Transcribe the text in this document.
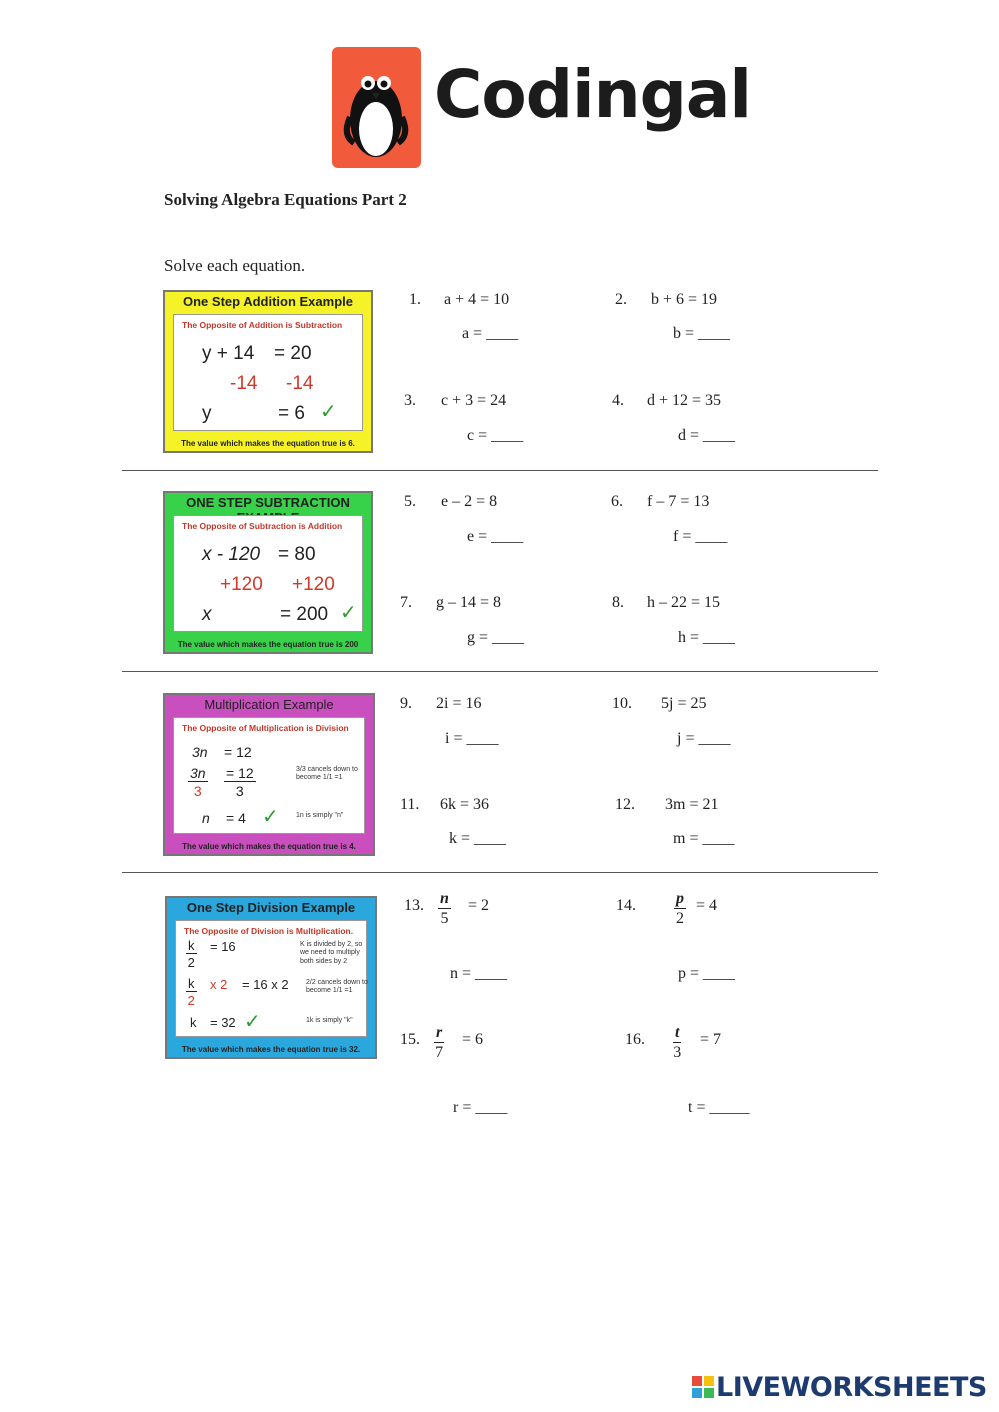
Codingal
Solving Algebra Equations Part 2
Solve each equation.
One Step Addition Example
The Opposite of Addition is Subtraction
y + 14 = 20
-14 -14
y	= 6 ✓
The value which makes the equation true is 6.
ONE STEP SUBTRACTION
The Opposite of Subtraction is Addition
x - 120 = 80
+120 +120
x	= 200 ✓
The value which makes the equation true is 200
Multiplication Example
The Opposite of Multiplication is Division
3n = 12
$\frac{3n}{3} \frac{= 12}{3}$	3/3 cancels down to become 1/1 =1
n = 4 ✓ 1n is simply "n"
The value which makes the equation true is 4.
One Step Division Example
The Opposite of Division is Multiplication.
$\frac{k}{2} = 16$	K is divided by 2, so we need to multiply both sides by 2
$\frac{k}{2}$ x 2 = 16 x 2 2/2 cancels down to become 1/1 =1
k = 32 ✓	1k is simply "k"
The value which makes the equation true is 32.
1. a + 4 = 10
a = ____
2. b + 6 = 19
b = ____
3. c + 3 = 24
c = ____
4. d + 12 = 35
d = ____
5. e – 2 = 8
e = ____
6. f – 7 = 13
f = ____
7. g – 14 = 8
g = ____
8. h – 22 = 15
h = ____
9. 2i = 16
i = ____
10. 5j = 25
j = ____
11. 6k = 36
k = ____
12. 3m = 21
m = ____
13. $\frac{n}{5} = 2$
n = ____
14. $\frac{p}{2} = 4$
p = ____
15. $\frac{r}{7} = 6$
r = ____
16. $\frac{t}{3} = 7$
t = _____
LIVEWORKSHEETS
